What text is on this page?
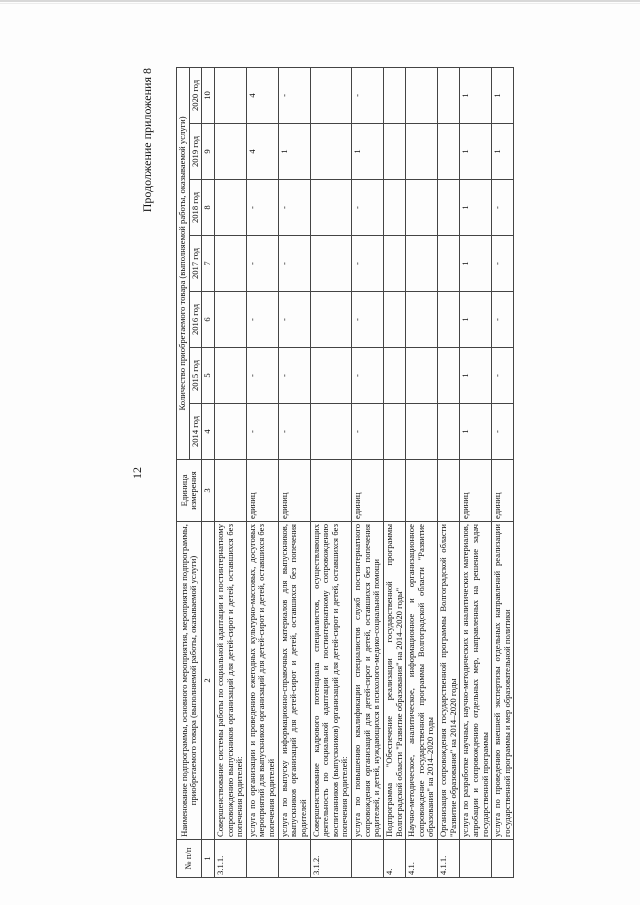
12
Продолжение приложения 8
№ п/п	Наименование подпрограммы, основного мероприятия, мероприятия подпрограммы, приобретаемого товара (выполняемой работы, оказываемой услуги)	Единица измерения	Количество приобретаемого товара (выполняемой работы, оказываемой услуги)						
			2014 год	2015 год	2016 год	2017 год	2018 год	2019 год	2020 год
1	2	3	4	5	6	7	8	9	10
3.1.1.	Совершенствование системы работы по социальной адаптации и постинтернатному сопровождению выпускников организаций для детей-сирот и детей, оставшихся без попечения родителей:								

	услуга по организации и проведению ежегодных культурно-массовых, досуговых мероприятий для выпускников организаций для детей-сирот и детей, оставшихся без попечения родителей	единиц	-	-	-	-	-	4	4

	услуга по выпуску информационно-справочных материалов для выпускников, выпускников организаций для детей-сирот и детей, оставшихся без попечения родителей	единиц	-	-	-	-	-	1	-
3.1.2.	Совершенствование кадрового потенциала специалистов, осуществляющих деятельность по социальной адаптации и постинтернатному сопровождению воспитанников (выпускников) организаций для детей-сирот и детей, оставшихся без попечения родителей:								

	услуга по повышению квалификации специалистов служб постинтернатного сопровождения организаций для детей-сирот и детей, оставшихся без попечения родителей, и детей, нуждающихся в психолого-медико-социальной помощи	единиц	-	-	-	-	-	1	-
4.	Подпрограмма "Обеспечение реализации государственной программы Волгоградской области "Развитие образования" на 2014–2020 годы"								

4.1.	Научно-методическое, аналитическое, информационное и организационное сопровождение государственной программы Волгоградской области "Развитие образования" на 2014–2020 годы								

4.1.1.	Организация сопровождения государственной программы Волгоградской области "Развитие образования" на 2014–2020 годы								

	услуга по разработке научных, научно-методических и аналитических материалов, апробации и сопровождению отдельных мер, направленных на решение задач государственной программы	единиц	1	1	1	1	1	1	1

	услуга по проведению внешней экспертизы отдельных направлений реализации государственной программы и мер образовательной политики	единиц	-	-	-	-	-	1	1
